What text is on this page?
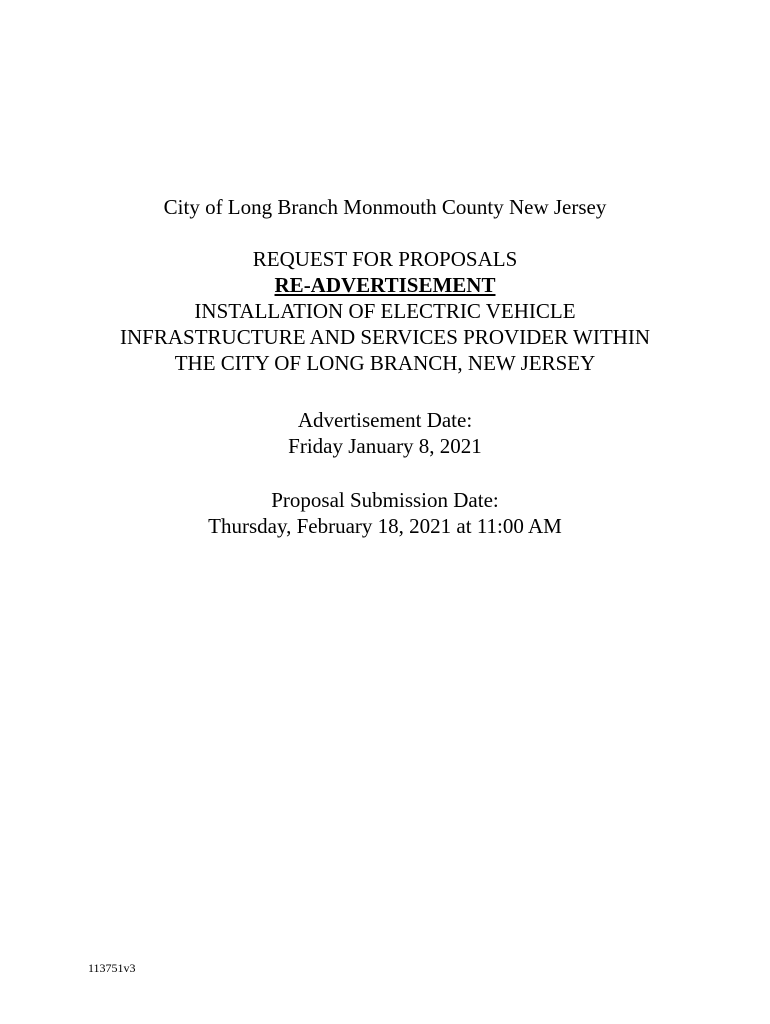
City of Long Branch Monmouth County New Jersey
REQUEST FOR PROPOSALS
RE-ADVERTISEMENT
INSTALLATION OF ELECTRIC VEHICLE
INFRASTRUCTURE AND SERVICES PROVIDER WITHIN
THE CITY OF LONG BRANCH, NEW JERSEY
Advertisement Date:
Friday January 8, 2021
Proposal Submission Date:
Thursday, February 18, 2021 at 11:00 AM
113751v3
